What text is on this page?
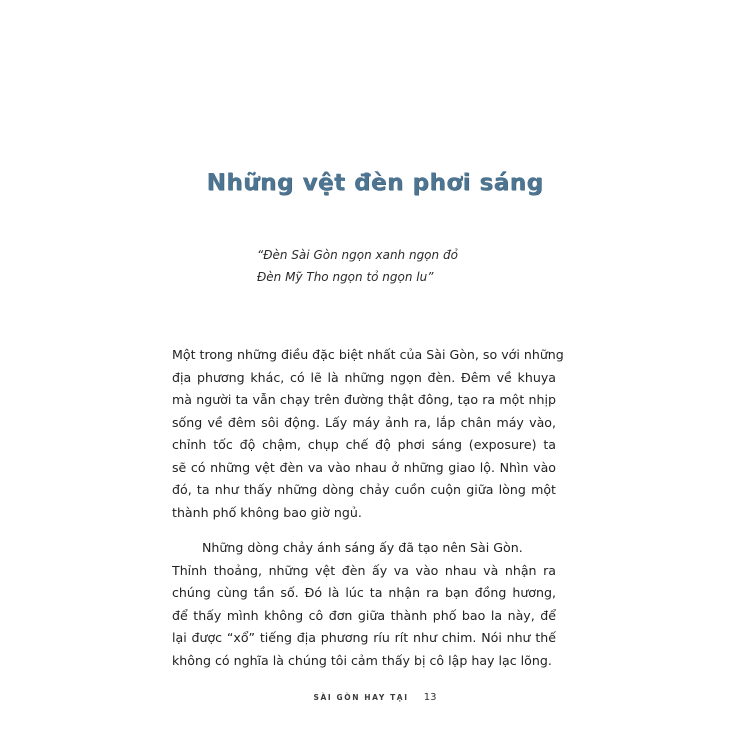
Những vệt đèn phơi sáng
“Đèn Sài Gòn ngọn xanh ngọn đỏ
Đèn Mỹ Tho ngọn tỏ ngọn lu”
Một trong những điều đặc biệt nhất của Sài Gòn, so với những
địa phương khác, có lẽ là những ngọn đèn. Đêm về khuya
mà người ta vẫn chạy trên đường thật đông, tạo ra một nhịp
sống về đêm sôi động. Lấy máy ảnh ra, lắp chân máy vào,
chỉnh tốc độ chậm, chụp chế độ phơi sáng (exposure) ta
sẽ có những vệt đèn va vào nhau ở những giao lộ. Nhìn vào
đó, ta như thấy những dòng chảy cuồn cuộn giữa lòng một
thành phố không bao giờ ngủ.
Những dòng chảy ánh sáng ấy đã tạo nên Sài Gòn.
Thỉnh thoảng, những vệt đèn ấy va vào nhau và nhận ra
chúng cùng tần số. Đó là lúc ta nhận ra bạn đồng hương,
để thấy mình không cô đơn giữa thành phố bao la này, để
lại được “xổ” tiếng địa phương ríu rít như chim. Nói như thế
không có nghĩa là chúng tôi cảm thấy bị cô lập hay lạc lõng.
SÀI GÒN HAY TẠI 13
